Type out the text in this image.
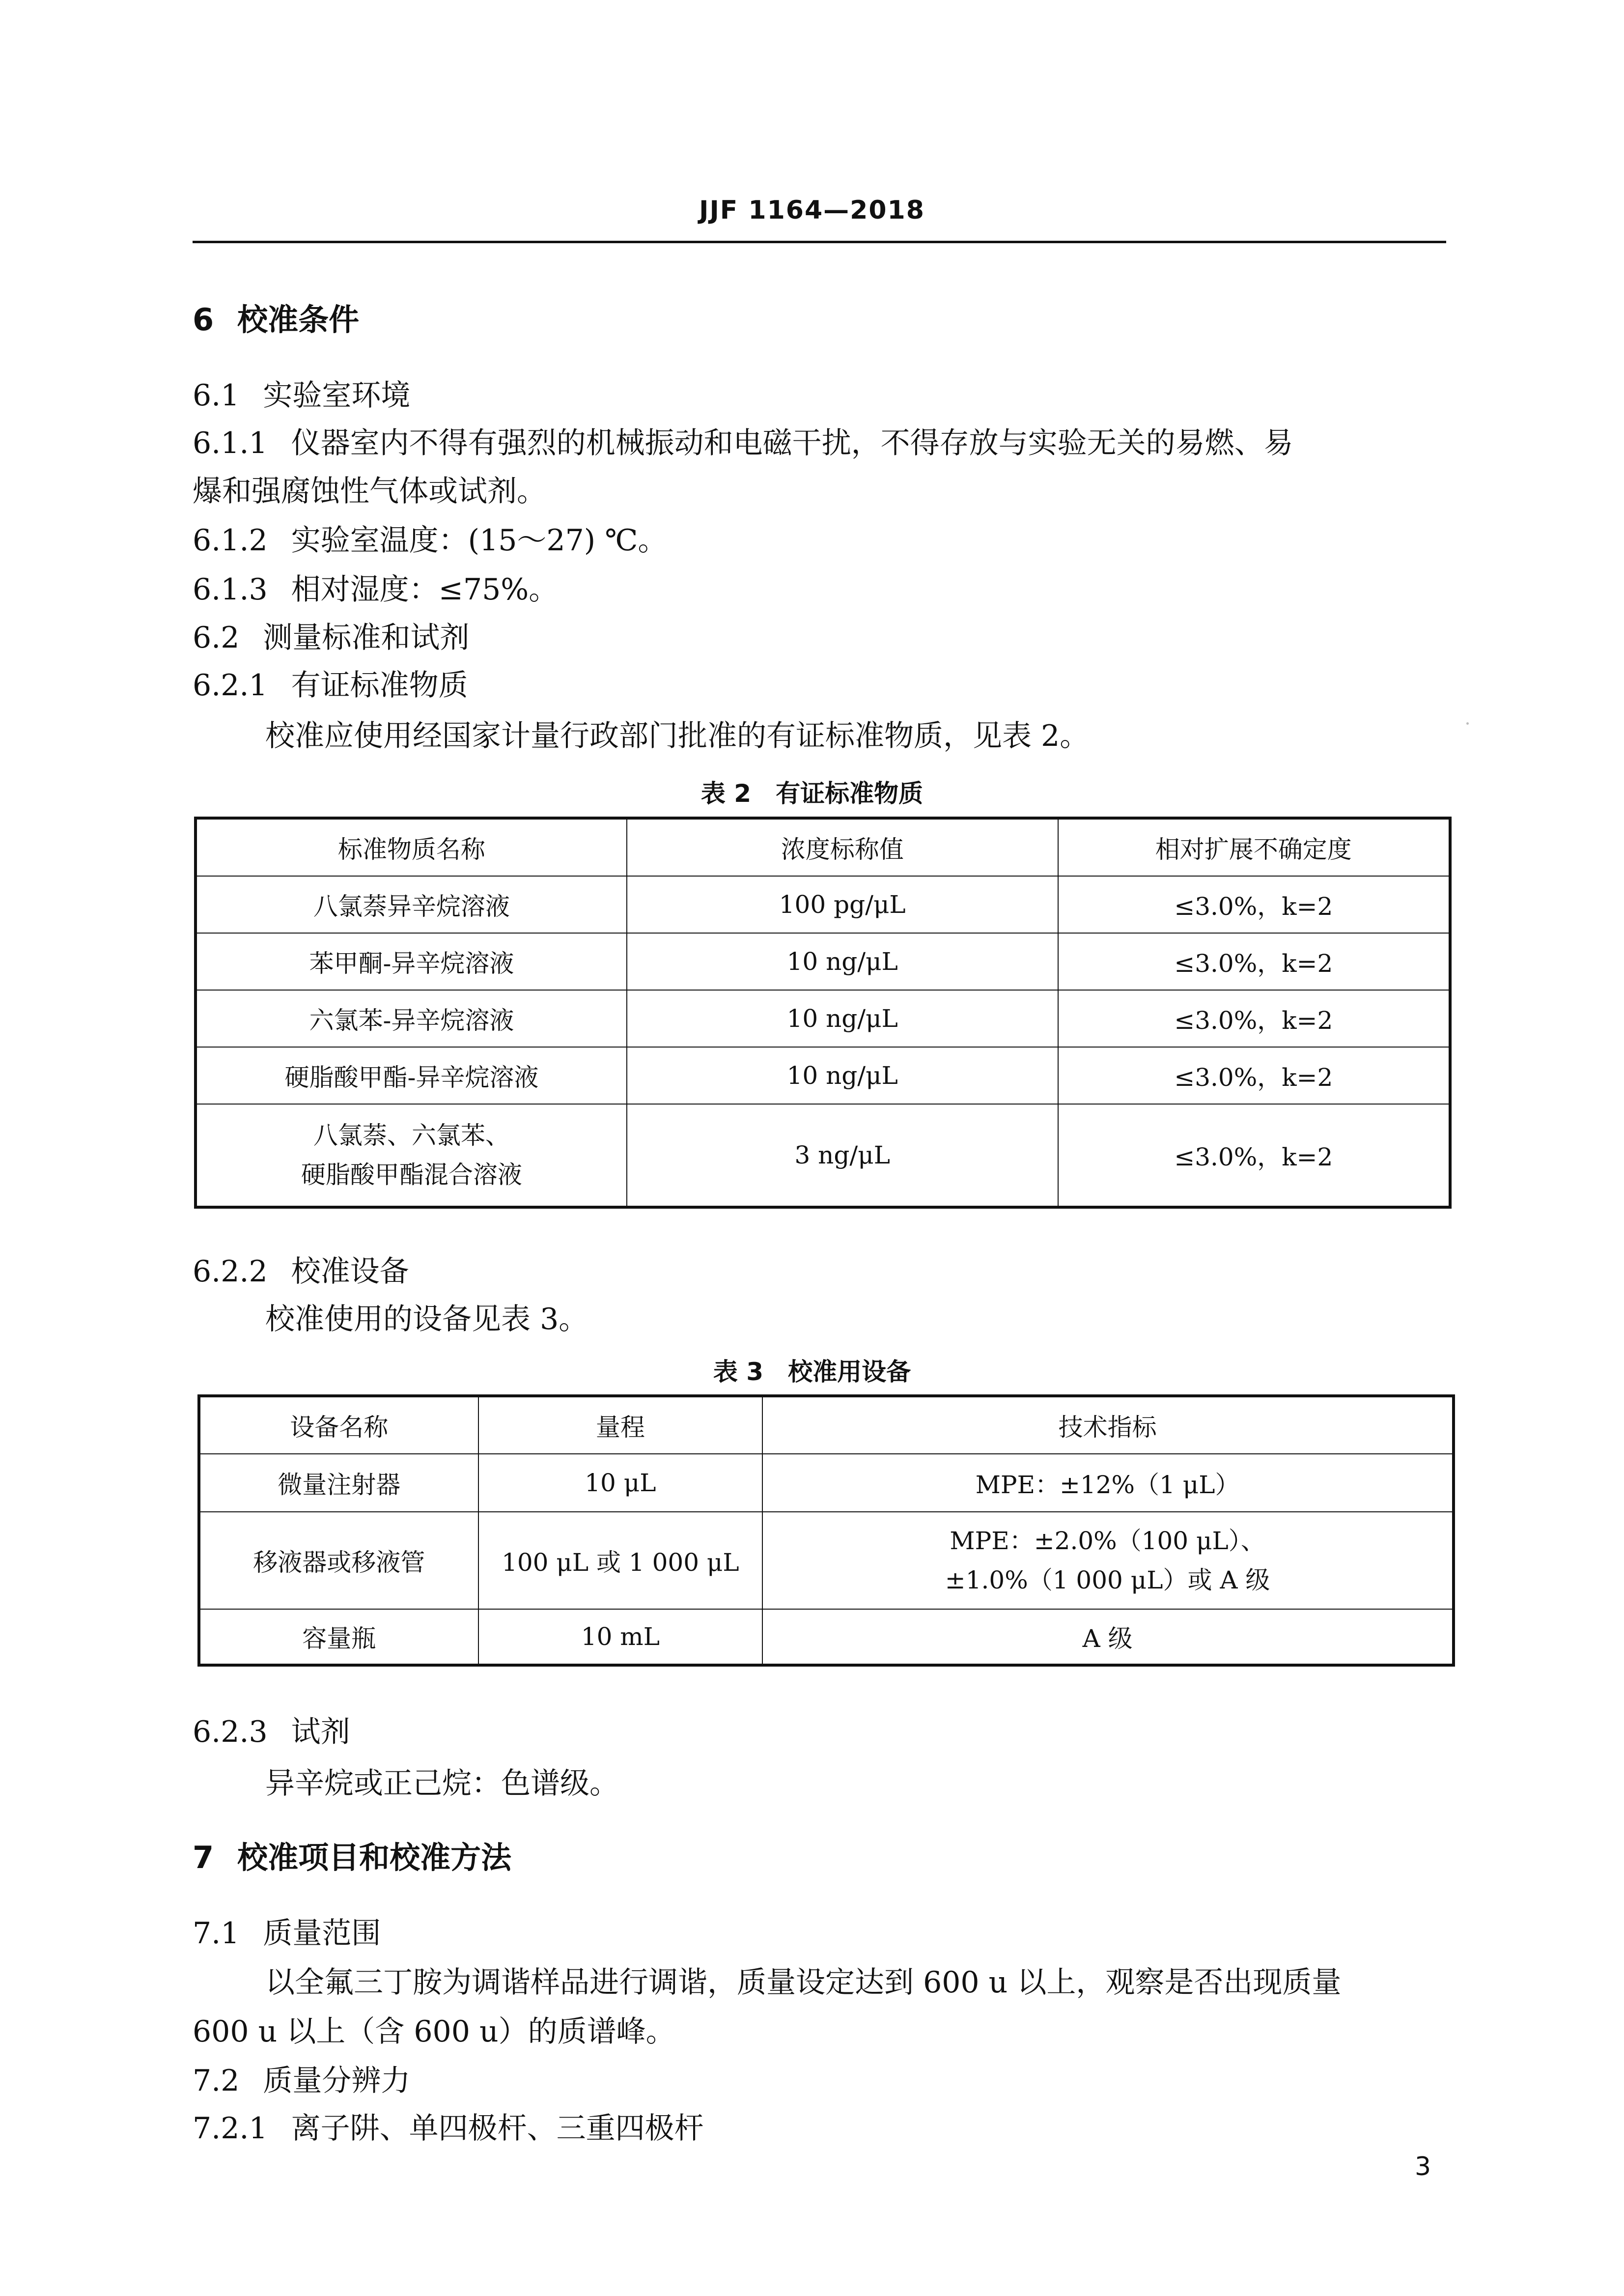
JJF 1164—2018
6 校准条件
6.1 实验室环境
6.1.1 仪器室内不得有强烈的机械振动和电磁干扰，不得存放与实验无关的易燃、易
爆和强腐蚀性气体或试剂。
6.1.2 实验室温度：(15～27) ℃。
6.1.3 相对湿度：≤75%。
6.2 测量标准和试剂
6.2.1 有证标准物质
校准应使用经国家计量行政部门批准的有证标准物质，见表 2。
表 2　有证标准物质
标准物质名称	浓度标称值	相对扩展不确定度
八氯萘异辛烷溶液	100 pg/μL	≤3.0%，k=2
苯甲酮-异辛烷溶液	10 ng/μL	≤3.0%，k=2
六氯苯-异辛烷溶液	10 ng/μL	≤3.0%，k=2
硬脂酸甲酯-异辛烷溶液	10 ng/μL	≤3.0%，k=2
八氯萘、六氯苯、
硬脂酸甲酯混合溶液	3 ng/μL	≤3.0%，k=2
6.2.2 校准设备
校准使用的设备见表 3。
表 3　校准用设备
设备名称	量程	技术指标
微量注射器	10 μL	MPE：±12%（1 μL）
移液器或移液管	100 μL 或 1 000 μL	MPE：±2.0%（100 μL）、
±1.0%（1 000 μL）或 A 级
容量瓶	10 mL	A 级
6.2.3 试剂
异辛烷或正己烷：色谱级。
7 校准项目和校准方法
7.1 质量范围
以全氟三丁胺为调谐样品进行调谐，质量设定达到 600 u 以上，观察是否出现质量
600 u 以上（含 600 u）的质谱峰。
7.2 质量分辨力
7.2.1 离子阱、单四极杆、三重四极杆
3
